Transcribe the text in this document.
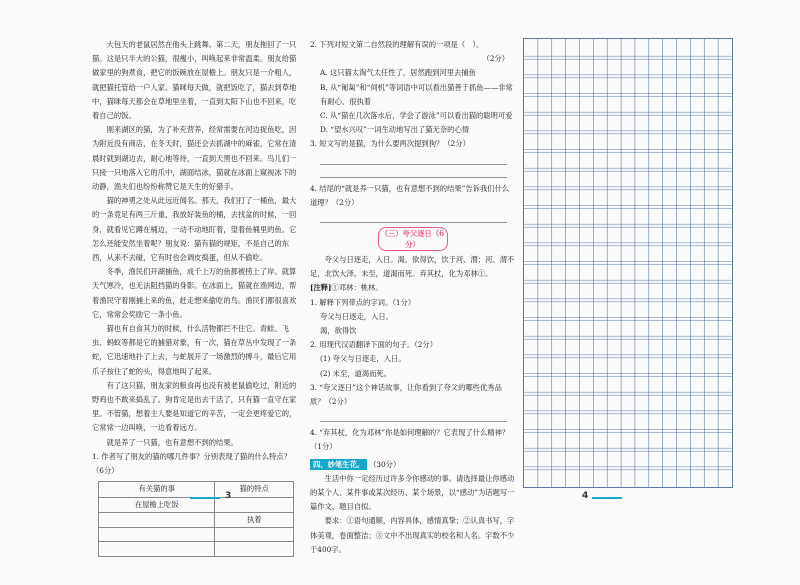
大包天的老鼠居然在他头上跳舞。第二天，朋友拖回了一只猫。这是只半大的公猫，很瘦小，叫唤起来非常温柔。朋友给猫做家里的狗煮食，把它的饭碗放在屋檐上。朋友只是一介粗人，就把猫托管给一户人家。猫咪每天做，就把饭吃了，猫去到草地中，猫咪每天都会在草地里坐着，一直到太阳下山也不回来，吃着自己的饭。

刚来湖区的猫，为了补充营养，经常需要在河边捉鱼吃，因为附近没有商店，在冬天时，猫还会去抓湖中的麻雀，它常在清晨时就到湖边去，耐心地等待，一直到天黑也不回来。鸟儿们一只接一只地落入它的爪中，湖面结冰，猫就在冰面上窥视冰下的动静，渔夫们也纷纷称赞它是天生的好猎手。

猫的神勇之处从此远近闻名。那天，我们打了一桶鱼，最大的一条竟足有两三斤重，我放好装鱼的桶，去找盆的时候，一回身，就看见它蹲在桶边，一动不动地盯着，望着鱼桶里的鱼。它怎么还能安然坐着呢？朋友说：猫有猫的规矩，不是自己的东西，从来不去碰，它有时也会调皮捣蛋，但从不偷吃。

冬季，渔民们开湖捕鱼，成千上万的鱼都被捞上了岸。就算天气寒冷，也无法阻挡猫的身影。在冰面上，猫就在渔网边，帮着渔民守着刚捕上来的鱼，赶走想来偷吃的鸟。渔民们都很喜欢它，常常会奖励它一条小鱼。

猫也有自食其力的时候，什么活物都拦不住它。青蛙、飞虫、蚂蚁等都是它的捕猎对象，有一次，猫在草丛中发现了一条蛇，它迅速地扑了上去，与蛇展开了一场激烈的搏斗，最后它用爪子按住了蛇的头，得意地叫了起来。

有了这只猫，朋友家的粮食再也没有被老鼠偷吃过，附近的野鸡也不敢来捣乱了。狗肯定是出去干活了，只有猫一直守在家里。不管猫，想着主人要是知道它的辛苦，一定会更疼爱它的，它常常一边叫唤，一边看着远方。

就是养了一只猫，也有意想不到的结果。

1. 作者写了朋友的猫的哪几件事？分别表现了猫的什么特点？（6分）

有关猫的事	猫的特点
在屋檐上吃饭	
	执着

2. 下列对短文第二自然段的理解有误的一项是（　）。

（2分）

A. 这只猫太淘气太任性了，居然跑到河里去捕鱼

B. 从“匍匐”和“伺机”等词语中可以看出猫善于抓鱼——非常有耐心、很执着

C. 从“猫在几次落水后，学会了游泳”可以看出猫的聪明可爱

D. “望水兴叹”一词生动地写出了猫无奈的心情

3. 短文写的是猫，为什么要两次提到狗？（2分）

4. 结尾的“就是养一只猫，也有意想不到的结果”告诉我们什么道理？（2分）

（三）夸父逐日（6分）

夸父与日逐走，入日。渴，欲得饮，饮于河、渭；河、渭不足，北饮大泽。未至，道渴而死。弃其杖，化为邓林①。

[注释]①邓林：桃林。

1. 解释下列带点的字词。（1分）

夸父与日逐走，入日。

渴，欲得饮

2. 用现代汉语翻译下面的句子。（2分）

(1) 夸父与日逐走，入日。

(2) 未至，道渴而死。

3. “夸父逐日”这个神话故事，让你看到了夸父的哪些优秀品质？（2分）

4. “弃其杖，化为邓林”你是如何理解的？它表现了什么精神？（1分）

四、妙笔生花。 （30分）

生活中你一定经历过许多令你感动的事。请选择最让你感动的某个人、某件事或某次经历、某个场景，以“感动”为话题写一篇作文，题目自拟。

要求：①语句通顺，内容具体，感情真挚；②认真书写，字体美观，卷面整洁；③文中不出现真实的校名和人名。字数不少于400字。

3	4
